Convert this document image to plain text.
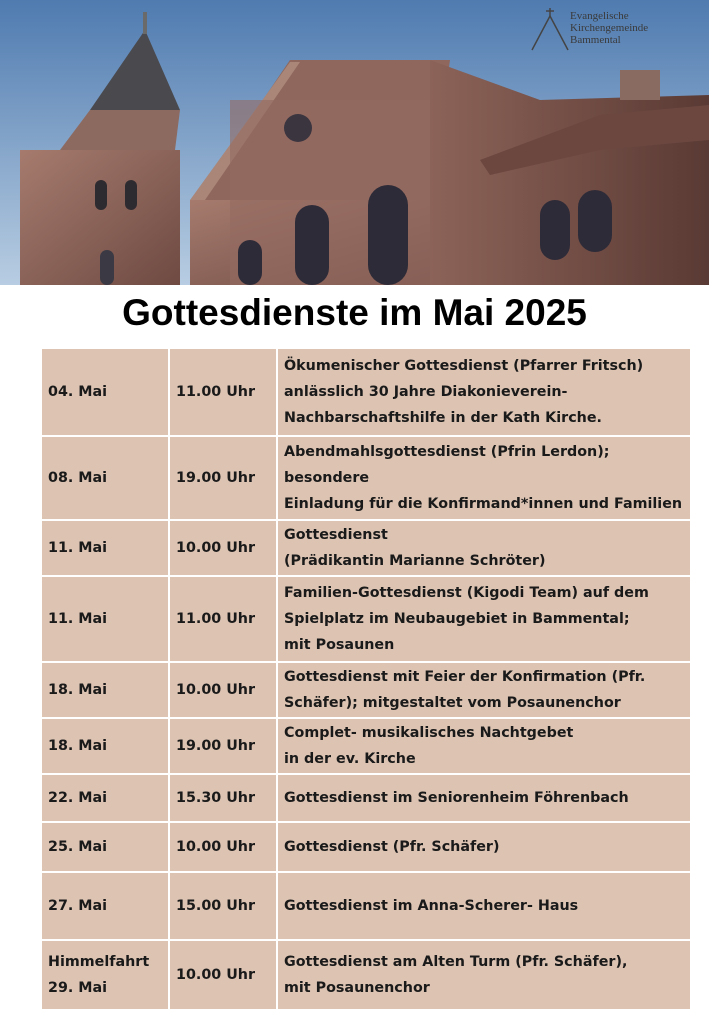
Evangelische
Kirchengemeinde
Bammental
Gottesdienste im Mai 2025
04. Mai	11.00 Uhr	Ökumenischer Gottesdienst (Pfarrer Fritsch)
anlässlich 30 Jahre Diakonieverein-
Nachbarschaftshilfe in der Kath Kirche.

08. Mai	19.00 Uhr	Abendmahlsgottesdienst (Pfrin Lerdon); besondere
Einladung für die Konfirmand*innen und Familien

11. Mai	10.00 Uhr	Gottesdienst
(Prädikantin Marianne Schröter)

11. Mai	11.00 Uhr	Familien-Gottesdienst (Kigodi Team) auf dem
Spielplatz im Neubaugebiet in Bammental;
mit Posaunen

18. Mai	10.00 Uhr	Gottesdienst mit Feier der Konfirmation (Pfr.
Schäfer); mitgestaltet vom Posaunenchor

18. Mai	19.00 Uhr	Complet- musikalisches Nachtgebet
in der ev. Kirche

22. Mai	15.30 Uhr	Gottesdienst im Seniorenheim Föhrenbach

25. Mai	10.00 Uhr	Gottesdienst (Pfr. Schäfer)

27. Mai	15.00 Uhr	Gottesdienst im Anna-Scherer- Haus

Himmelfahrt
29. Mai	10.00 Uhr	Gottesdienst am Alten Turm (Pfr. Schäfer),
mit Posaunenchor
